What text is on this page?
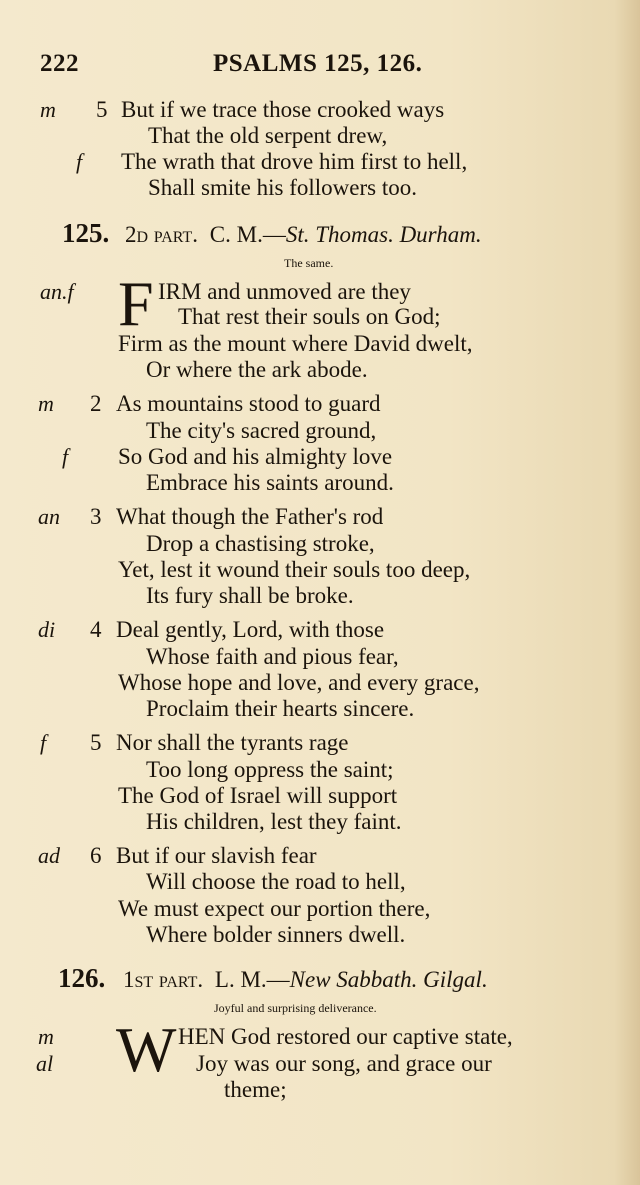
222	PSALMS 125, 126.
m 5 But if we trace those crooked ways
That the old serpent drew,
f The wrath that drove him first to hell,
Shall smite his followers too.
125. 2d part. C. M.—St. Thomas. Durham.
The same.
an.f F IRM and unmoved are they
That rest their souls on God;
Firm as the mount where David dwelt,
Or where the ark abode.
m 2 As mountains stood to guard
The city's sacred ground,
f So God and his almighty love
Embrace his saints around.
an 3 What though the Father's rod
Drop a chastising stroke,
Yet, lest it wound their souls too deep,
Its fury shall be broke.
di 4 Deal gently, Lord, with those
Whose faith and pious fear,
Whose hope and love, and every grace,
Proclaim their hearts sincere.
f 5 Nor shall the tyrants rage
Too long oppress the saint;
The God of Israel will support
His children, lest they faint.
ad 6 But if our slavish fear
Will choose the road to hell,
We must expect our portion there,
Where bolder sinners dwell.
126. 1st part. L. M.—New Sabbath. Gilgal.
Joyful and surprising deliverance.
m
al W HEN God restored our captive state,
Joy was our song, and grace our
theme;
